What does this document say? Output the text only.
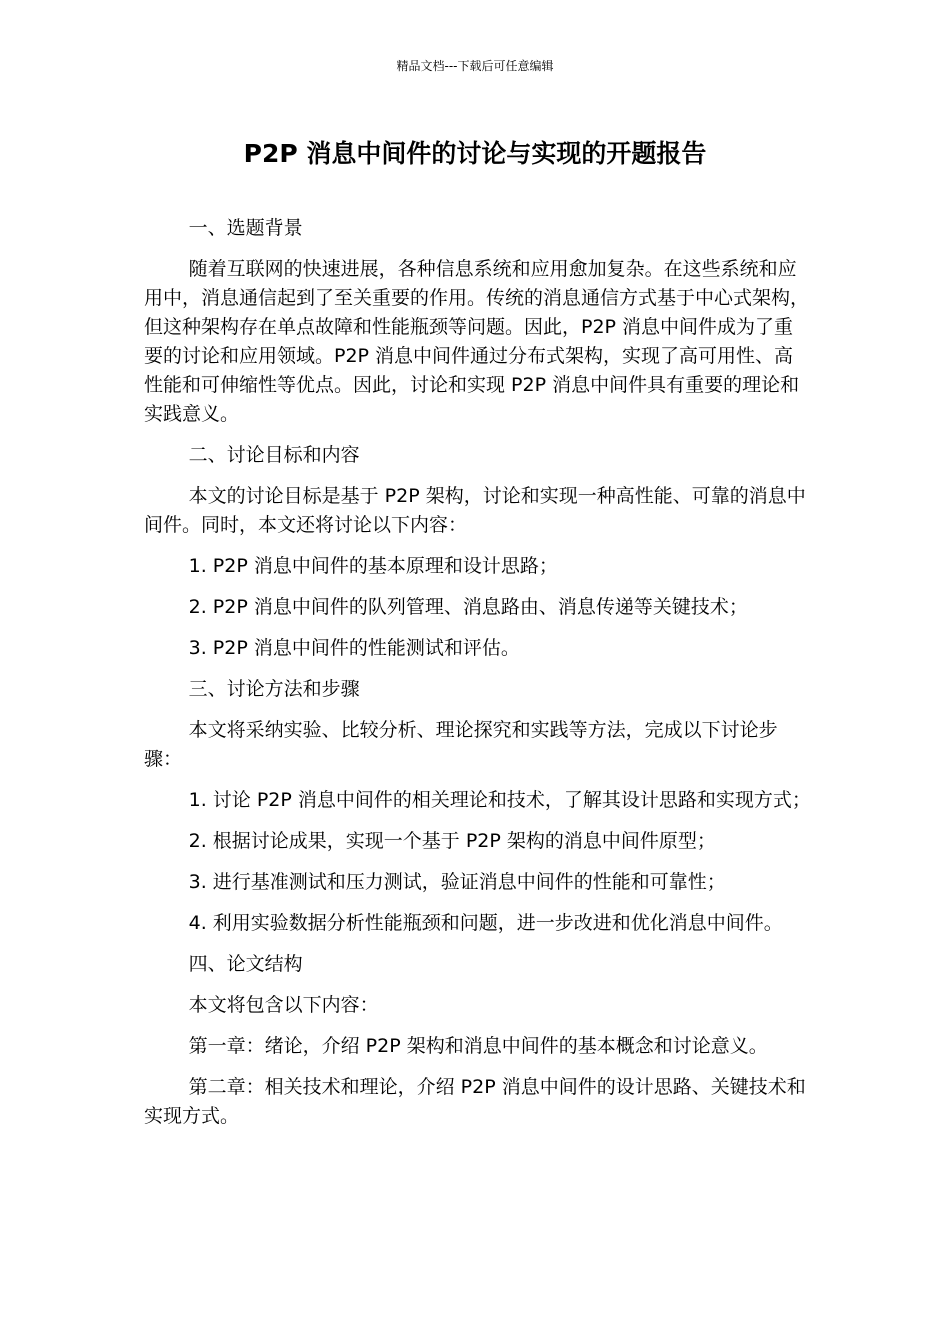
精品文档---下载后可任意编辑
P2P 消息中间件的讨论与实现的开题报告

一、选题背景

随着互联网的快速进展，各种信息系统和应用愈加复杂。在这些系统和应用中，消息通信起到了至关重要的作用。传统的消息通信方式基于中心式架构，但这种架构存在单点故障和性能瓶颈等问题。因此，P2P 消息中间件成为了重要的讨论和应用领域。P2P 消息中间件通过分布式架构，实现了高可用性、高性能和可伸缩性等优点。因此，讨论和实现 P2P 消息中间件具有重要的理论和实践意义。

二、讨论目标和内容

本文的讨论目标是基于 P2P 架构，讨论和实现一种高性能、可靠的消息中间件。同时，本文还将讨论以下内容：

1. P2P 消息中间件的基本原理和设计思路；

2. P2P 消息中间件的队列管理、消息路由、消息传递等关键技术；

3. P2P 消息中间件的性能测试和评估。

三、讨论方法和步骤

本文将采纳实验、比较分析、理论探究和实践等方法，完成以下讨论步骤：

1. 讨论 P2P 消息中间件的相关理论和技术，了解其设计思路和实现方式；

2. 根据讨论成果，实现一个基于 P2P 架构的消息中间件原型；

3. 进行基准测试和压力测试，验证消息中间件的性能和可靠性；

4. 利用实验数据分析性能瓶颈和问题，进一步改进和优化消息中间件。

四、论文结构

本文将包含以下内容：

第一章：绪论，介绍 P2P 架构和消息中间件的基本概念和讨论意义。

第二章：相关技术和理论，介绍 P2P 消息中间件的设计思路、关键技术和实现方式。
